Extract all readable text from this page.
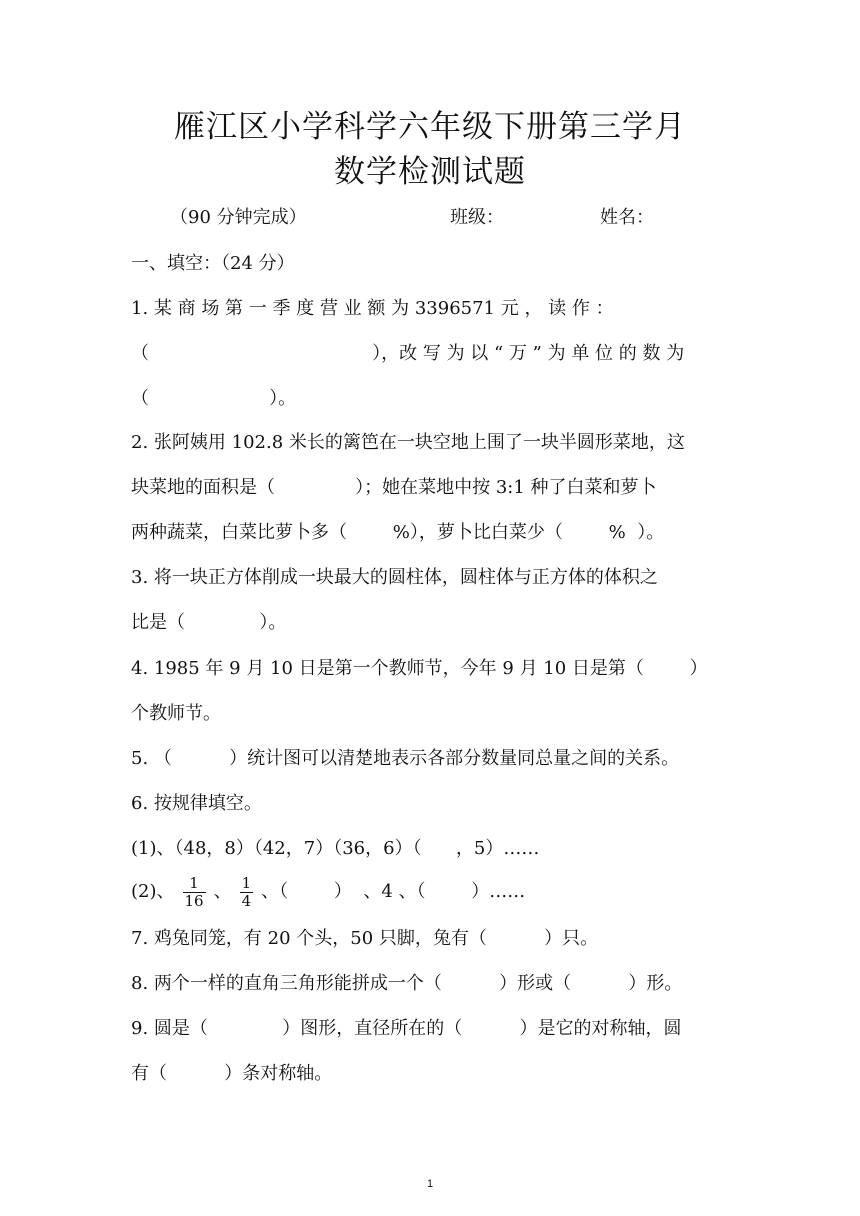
雁江区小学科学六年级下册第三学月
数学检测试题
（90 分钟完成）	班级：	姓名：
一、填空：（24 分）
1. 某 商 场 第 一 季 度 营 业 额 为 3396571 元 ， 读 作 ：
（                                       ），改 写 为 以 “ 万 ” 为 单 位 的 数 为
（                     ）。
2. 张阿姨用 102.8 米长的篱笆在一块空地上围了一块半圆形菜地，这
块菜地的面积是（              ）；她在菜地中按 3:1 种了白菜和萝卜
两种蔬菜，白菜比萝卜多（        %），萝卜比白菜少（        %  ）。
3. 将一块正方体削成一块最大的圆柱体，圆柱体与正方体的体积之
比是（             ）。
4. 1985 年 9 月 10 日是第一个教师节，今年 9 月 10 日是第（        ）
个教师节。
5. （          ）统计图可以清楚地表示各部分数量同总量之间的关系。
6. 按规律填空。
(1)、（48，8）（42，7）（36，6）（      ，5）……
(2)、 $\frac{1}{16}$ 、 $\frac{1}{4}$ 、（        ）  、4 、（        ）……
7. 鸡兔同笼，有 20 个头，50 只脚，兔有（          ）只。
8. 两个一样的直角三角形能拼成一个（          ）形或（          ）形。
9. 圆是（             ）图形，直径所在的（          ）是它的对称轴，圆
有（          ）条对称轴。
1
